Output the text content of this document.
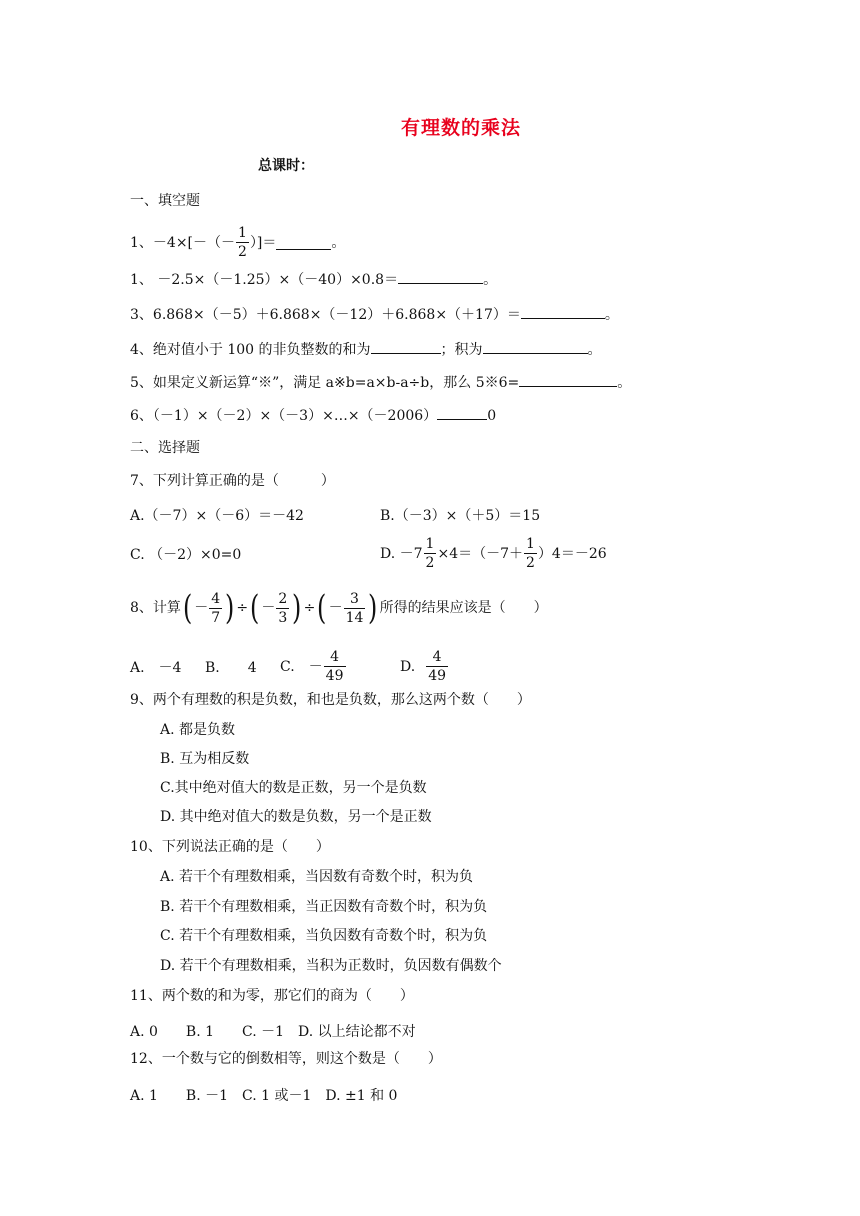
有理数的乘法
总课时：
一、填空题
1、$-4\times[-(- \frac{1}{2}$ ）]＝	。
1、 －2.5×（－1.25）×（－40）×0.8＝	。
3、6.868×（－5）＋6.868×（－12）＋6.868×（＋17）＝	。
4、绝对值小于 100 的非负整数的和为	；积为	。
5、如果定义新运算“※”，满足 a※b=a×b-a÷b，那么 5※6=	。
6、（－1）×（－2）×（－3）×…×（－2006）	0
二、选择题
7、下列计算正确的是（　　　）
A.（－7）×（－6）＝－42	B.（－3）×（＋5）＝15
C. （－2）×0=0	D. $-7 \frac{1}{2} \times 4=(-7+ \frac{1}{2} )4=-26$
8、计算 ( － $\frac{4}{7}$ ) ÷ ( － $\frac{2}{3}$ ) ÷ ( － $\frac{3}{14}$ ) 所得的结果应该是（　　）
A.　－4 B.　　4 C.　－ $\frac{4}{49}$	D. $\frac{4}{49}$
9、两个有理数的积是负数，和也是负数，那么这两个数（　　）
A. 都是负数
B. 互为相反数
C.其中绝对值大的数是正数，另一个是负数
D. 其中绝对值大的数是负数，另一个是正数
10、下列说法正确的是（　　）
A. 若干个有理数相乘，当因数有奇数个时，积为负
B. 若干个有理数相乘，当正因数有奇数个时，积为负
C. 若干个有理数相乘，当负因数有奇数个时，积为负
D. 若干个有理数相乘，当积为正数时，负因数有偶数个
11、两个数的和为零，那它们的商为（　　）
A. 0　　B. 1　　C. －1　D. 以上结论都不对
12、一个数与它的倒数相等，则这个数是（　　）
A. 1　　B. －1　C. 1 或－1　D. ±1 和 0
